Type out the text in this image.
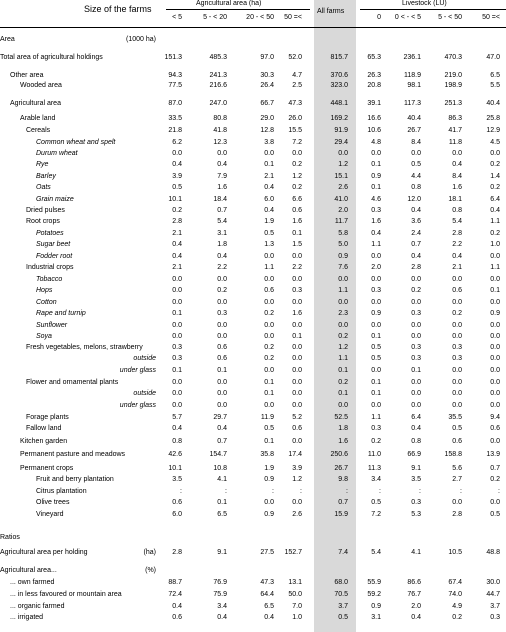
Size of the farms
Agricultural area (ha)	Livestock (LU)
All farms
< 5	5 - < 20	20 - < 50	50 =<	0	0 < - < 5	5 - < 50	50 =<
Area	(1000 ha)
Total area of agricultural holdings	151.3	485.3	97.0	52.0	815.7	65.3	236.1	470.3	47.0
Other area	94.3	241.3	30.3	4.7	370.6	26.3	118.9	219.0	6.5
Wooded area	77.5	216.6	26.4	2.5	323.0	20.8	98.1	198.9	5.5
Agricultural area	87.0	247.0	66.7	47.3	448.1	39.1	117.3	251.3	40.4
Arable land	33.5	80.8	29.0	26.0	169.2	16.6	40.4	86.3	25.8
Cereals	21.8	41.8	12.8	15.5	91.9	10.6	26.7	41.7	12.9
Common wheat and spelt	6.2	12.3	3.8	7.2	29.4	4.8	8.4	11.8	4.5
Durum wheat	0.0	0.0	0.0	0.0	0.0	0.0	0.0	0.0	0.0
Rye	0.4	0.4	0.1	0.2	1.2	0.1	0.5	0.4	0.2
Barley	3.9	7.9	2.1	1.2	15.1	0.9	4.4	8.4	1.4
Oats	0.5	1.6	0.4	0.2	2.6	0.1	0.8	1.6	0.2
Grain maize	10.1	18.4	6.0	6.6	41.0	4.6	12.0	18.1	6.4
Dried pulses	0.2	0.7	0.4	0.6	2.0	0.3	0.4	0.8	0.4
Root crops	2.8	5.4	1.9	1.6	11.7	1.6	3.6	5.4	1.1
Potatoes	2.1	3.1	0.5	0.1	5.8	0.4	2.4	2.8	0.2
Sugar beet	0.4	1.8	1.3	1.5	5.0	1.1	0.7	2.2	1.0
Fodder root	0.4	0.4	0.0	0.0	0.9	0.0	0.4	0.4	0.0
Industrial crops	2.1	2.2	1.1	2.2	7.6	2.0	2.8	2.1	1.1
Tobacco	0.0	0.0	0.0	0.0	0.0	0.0	0.0	0.0	0.0
Hops	0.0	0.2	0.6	0.3	1.1	0.3	0.2	0.6	0.1
Cotton	0.0	0.0	0.0	0.0	0.0	0.0	0.0	0.0	0.0
Rape and turnip	0.1	0.3	0.2	1.6	2.3	0.9	0.3	0.2	0.9
Sunflower	0.0	0.0	0.0	0.0	0.0	0.0	0.0	0.0	0.0
Soya	0.0	0.0	0.0	0.1	0.2	0.1	0.0	0.0	0.0
Fresh vegetables, melons, strawberry	0.3	0.6	0.2	0.0	1.2	0.5	0.3	0.3	0.0
outside	0.3	0.6	0.2	0.0	1.1	0.5	0.3	0.3	0.0
under glass	0.1	0.1	0.0	0.0	0.1	0.0	0.1	0.0	0.0
Flower and ornamental plants	0.0	0.0	0.1	0.0	0.2	0.1	0.0	0.0	0.0
outside	0.0	0.0	0.1	0.0	0.1	0.1	0.0	0.0	0.0
under glass	0.0	0.0	0.0	0.0	0.0	0.0	0.0	0.0	0.0
Forage plants	5.7	29.7	11.9	5.2	52.5	1.1	6.4	35.5	9.4
Fallow land	0.4	0.4	0.5	0.6	1.8	0.3	0.4	0.5	0.6
Kitchen garden	0.8	0.7	0.1	0.0	1.6	0.2	0.8	0.6	0.0
Permanent pasture and meadows	42.6	154.7	35.8	17.4	250.6	11.0	66.9	158.8	13.9
Permanent crops	10.1	10.8	1.9	3.9	26.7	11.3	9.1	5.6	0.7
Fruit and berry plantation	3.5	4.1	0.9	1.2	9.8	3.4	3.5	2.7	0.2
Citrus plantation	:	:	:	:	:	:	:	:	:
Olive trees	0.6	0.1	0.0	0.0	0.7	0.5	0.3	0.0	0.0
Vineyard	6.0	6.5	0.9	2.6	15.9	7.2	5.3	2.8	0.5
Ratios
Agricultural area per holding	(ha)	2.8	9.1	27.5	152.7	7.4	5.4	4.1	10.5	48.8
Agricultural area...	(%)
... own farmed	88.7	76.9	47.3	13.1	68.0	55.9	86.6	67.4	30.0
... in less favoured or mountain area	72.4	75.9	64.4	50.0	70.5	59.2	76.7	74.0	44.7
... organic farmed	0.4	3.4	6.5	7.0	3.7	0.9	2.0	4.9	3.7
... irrigated	0.6	0.4	0.4	1.0	0.5	3.1	0.4	0.2	0.3
